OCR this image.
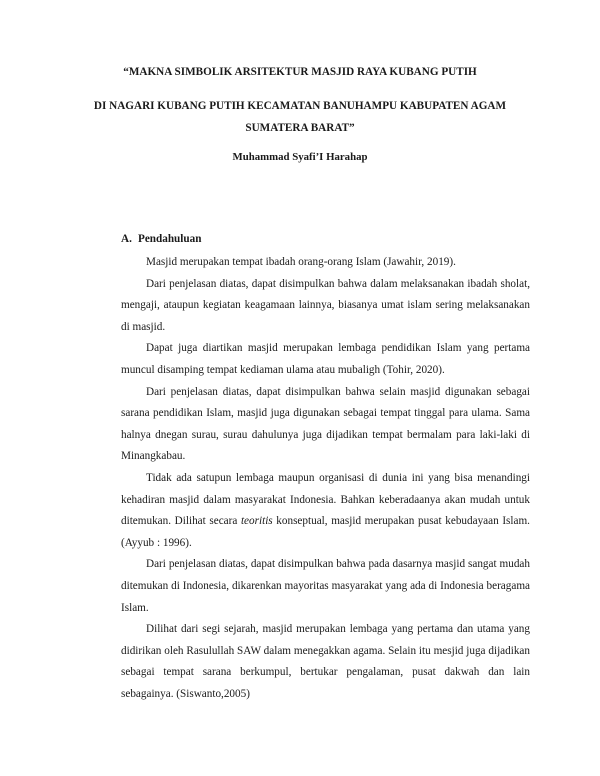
“MAKNA SIMBOLIK ARSITEKTUR MASJID RAYA KUBANG PUTIH
DI NAGARI KUBANG PUTIH KECAMATAN BANUHAMPU KABUPATEN AGAM
SUMATERA BARAT”
Muhammad Syafi’I Harahap
A. Pendahuluan

Masjid merupakan tempat ibadah orang-orang Islam (Jawahir, 2019).

Dari penjelasan diatas, dapat disimpulkan bahwa dalam melaksanakan ibadah sholat, mengaji, ataupun kegiatan keagamaan lainnya, biasanya umat islam sering melaksanakan di masjid.

Dapat juga diartikan masjid merupakan lembaga pendidikan Islam yang pertama muncul disamping tempat kediaman ulama atau mubaligh (Tohir, 2020).

Dari penjelasan diatas, dapat disimpulkan bahwa selain masjid digunakan sebagai sarana pendidikan Islam, masjid juga digunakan sebagai tempat tinggal para ulama. Sama halnya dnegan surau, surau dahulunya juga dijadikan tempat bermalam para laki-laki di Minangkabau.

Tidak ada satupun lembaga maupun organisasi di dunia ini yang bisa menandingi kehadiran masjid dalam masyarakat Indonesia. Bahkan keberadaanya akan mudah untuk ditemukan. Dilihat secara teoritis konseptual, masjid merupakan pusat kebudayaan Islam. (Ayyub : 1996).

Dari penjelasan diatas, dapat disimpulkan bahwa pada dasarnya masjid sangat mudah ditemukan di Indonesia, dikarenkan mayoritas masyarakat yang ada di Indonesia beragama Islam.

Dilihat dari segi sejarah, masjid merupakan lembaga yang pertama dan utama yang didirikan oleh Rasulullah SAW dalam menegakkan agama. Selain itu mesjid juga dijadikan sebagai tempat sarana berkumpul, bertukar pengalaman, pusat dakwah dan lain sebagainya. (Siswanto,2005)
